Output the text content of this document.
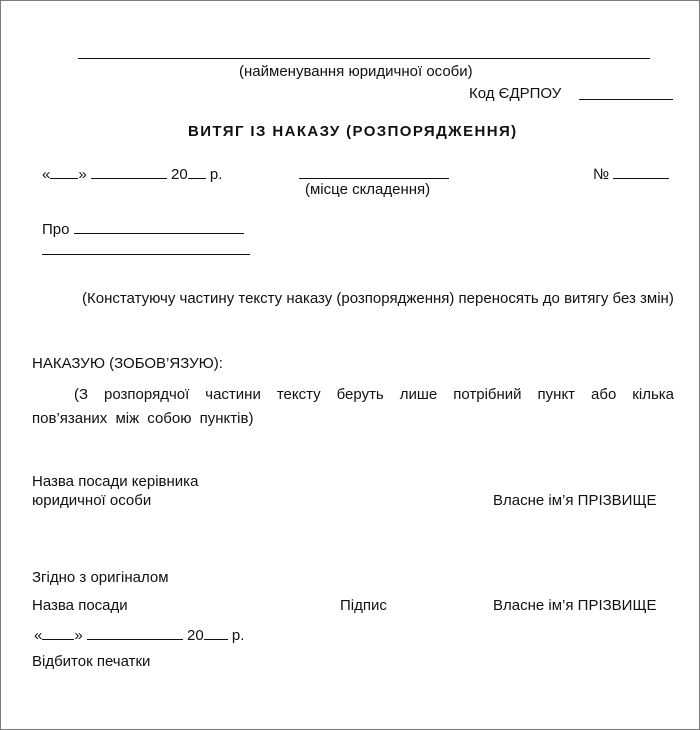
(найменування юридичної особи)
Код ЄДРПОУ
ВИТЯГ ІЗ НАКАЗУ (РОЗПОРЯДЖЕННЯ)
« »	20 р.
(місце складення)
№
Про
(Констатуючу частину тексту наказу (розпорядження) переносять до витягу без змін)
НАКАЗУЮ (ЗОБОВ’ЯЗУЮ):
(З розпорядчої частини тексту беруть лише потрібний пункт або кілька пов’язаних між собою пунктів)
Назва посади керівника
юридичної особи	Власне ім’я ПРІЗВИЩЕ
Згідно з оригіналом
Назва посади	Підпис	Власне ім’я ПРІЗВИЩЕ
« »	20 р.
Відбиток печатки
